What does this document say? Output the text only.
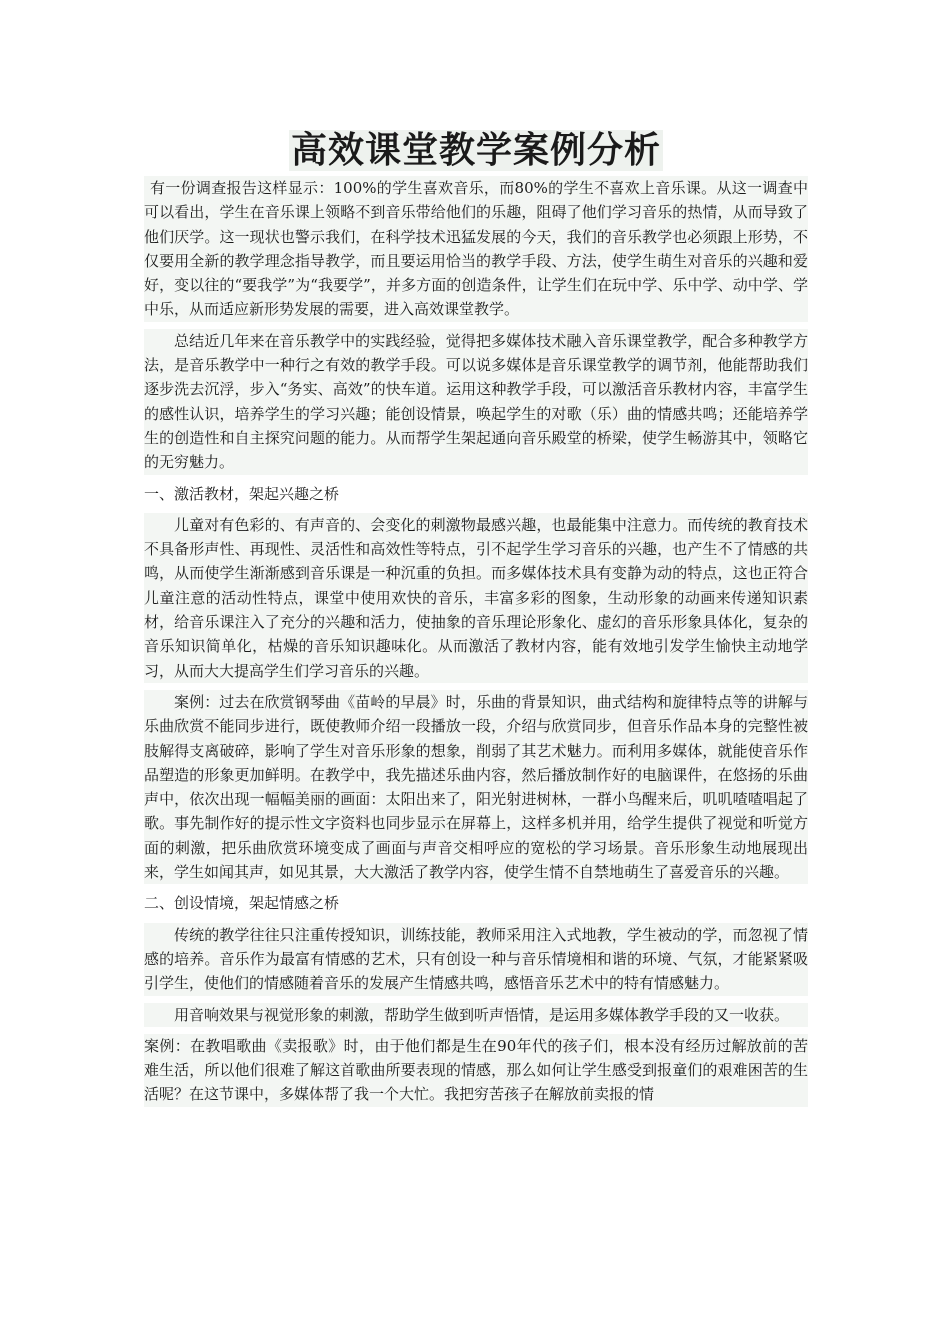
高效课堂教学案例分析

有一份调查报告这样显示：100%的学生喜欢音乐，而80%的学生不喜欢上音乐课。从这一调查中可以看出，学生在音乐课上领略不到音乐带给他们的乐趣，阻碍了他们学习音乐的热情，从而导致了他们厌学。这一现状也警示我们，在科学技术迅猛发展的今天，我们的音乐教学也必须跟上形势，不仅要用全新的教学理念指导教学，而且要运用恰当的教学手段、方法，使学生萌生对音乐的兴趣和爱好，变以往的“要我学”为“我要学”，并多方面的创造条件，让学生们在玩中学、乐中学、动中学、学中乐，从而适应新形势发展的需要，进入高效课堂教学。

总结近几年来在音乐教学中的实践经验，觉得把多媒体技术融入音乐课堂教学，配合多种教学方法，是音乐教学中一种行之有效的教学手段。可以说多媒体是音乐课堂教学的调节剂，他能帮助我们逐步洗去沉浮，步入“务实、高效”的快车道。运用这种教学手段，可以激活音乐教材内容，丰富学生的感性认识，培养学生的学习兴趣；能创设情景，唤起学生的对歌（乐）曲的情感共鸣；还能培养学生的创造性和自主探究问题的能力。从而帮学生架起通向音乐殿堂的桥梁，使学生畅游其中，领略它的无穷魅力。

一、激活教材，架起兴趣之桥

儿童对有色彩的、有声音的、会变化的刺激物最感兴趣，也最能集中注意力。而传统的教育技术不具备形声性、再现性、灵活性和高效性等特点，引不起学生学习音乐的兴趣，也产生不了情感的共鸣，从而使学生渐渐感到音乐课是一种沉重的负担。而多媒体技术具有变静为动的特点，这也正符合儿童注意的活动性特点，课堂中使用欢快的音乐，丰富多彩的图象，生动形象的动画来传递知识素材，给音乐课注入了充分的兴趣和活力，使抽象的音乐理论形象化、虚幻的音乐形象具体化，复杂的音乐知识简单化，枯燥的音乐知识趣味化。从而激活了教材内容，能有效地引发学生愉快主动地学习，从而大大提高学生们学习音乐的兴趣。

案例：过去在欣赏钢琴曲《苗岭的早晨》时，乐曲的背景知识，曲式结构和旋律特点等的讲解与乐曲欣赏不能同步进行，既使教师介绍一段播放一段，介绍与欣赏同步，但音乐作品本身的完整性被肢解得支离破碎，影响了学生对音乐形象的想象，削弱了其艺术魅力。而利用多媒体，就能使音乐作品塑造的形象更加鲜明。在教学中，我先描述乐曲内容，然后播放制作好的电脑课件，在悠扬的乐曲声中，依次出现一幅幅美丽的画面：太阳出来了，阳光射进树林，一群小鸟醒来后，叽叽喳喳唱起了歌。事先制作好的提示性文字资料也同步显示在屏幕上，这样多机并用，给学生提供了视觉和听觉方面的刺激，把乐曲欣赏环境变成了画面与声音交相呼应的宽松的学习场景。音乐形象生动地展现出来，学生如闻其声，如见其景，大大激活了教学内容，使学生情不自禁地萌生了喜爱音乐的兴趣。

二、创设情境，架起情感之桥

传统的教学往往只注重传授知识，训练技能，教师采用注入式地教，学生被动的学，而忽视了情感的培养。音乐作为最富有情感的艺术，只有创设一种与音乐情境相和谐的环境、气氛，才能紧紧吸引学生，使他们的情感随着音乐的发展产生情感共鸣，感悟音乐艺术中的特有情感魅力。

用音响效果与视觉形象的刺激，帮助学生做到听声悟情，是运用多媒体教学手段的又一收获。

案例：在教唱歌曲《卖报歌》时，由于他们都是生在90年代的孩子们，根本没有经历过解放前的苦难生活，所以他们很难了解这首歌曲所要表现的情感，那么如何让学生感受到报童们的艰难困苦的生活呢？在这节课中，多媒体帮了我一个大忙。我把穷苦孩子在解放前卖报的情
